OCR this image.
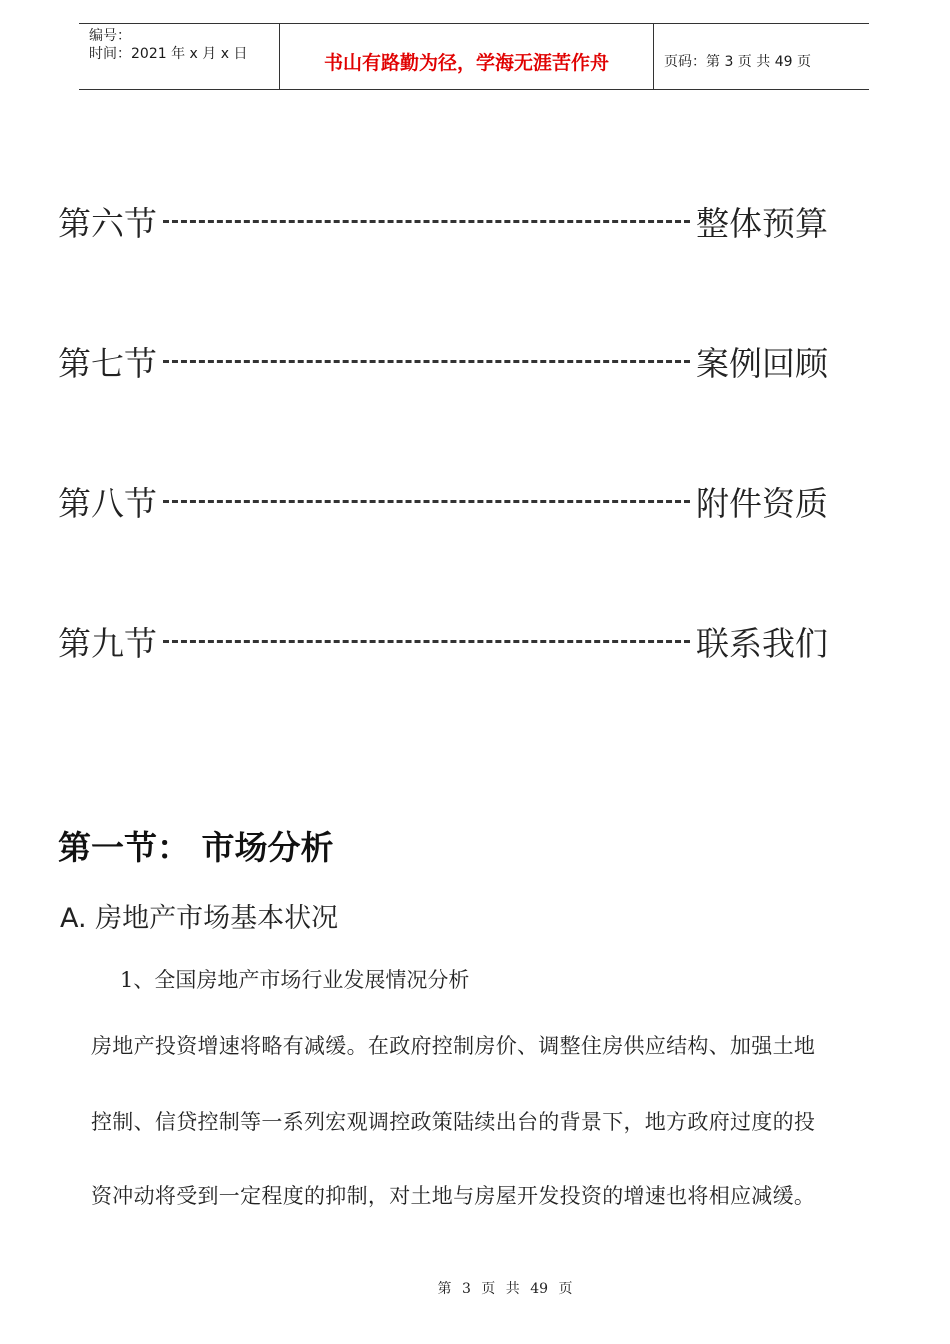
编号：
时间：2021 年 x 月 x 日	书山有路勤为径，学海无涯苦作舟	页码：第 3 页 共 49 页
第六节	整体预算
第七节	案例回顾
第八节	附件资质
第九节	联系我们
第一节： 市场分析
A. 房地产市场基本状况
1、全国房地产市场行业发展情况分析
房地产投资增速将略有减缓。在政府控制房价、调整住房供应结构、加强土地
控制、信贷控制等一系列宏观调控政策陆续出台的背景下，地方政府过度的投
资冲动将受到一定程度的抑制，对土地与房屋开发投资的增速也将相应减缓。
第 3 页 共 49 页
